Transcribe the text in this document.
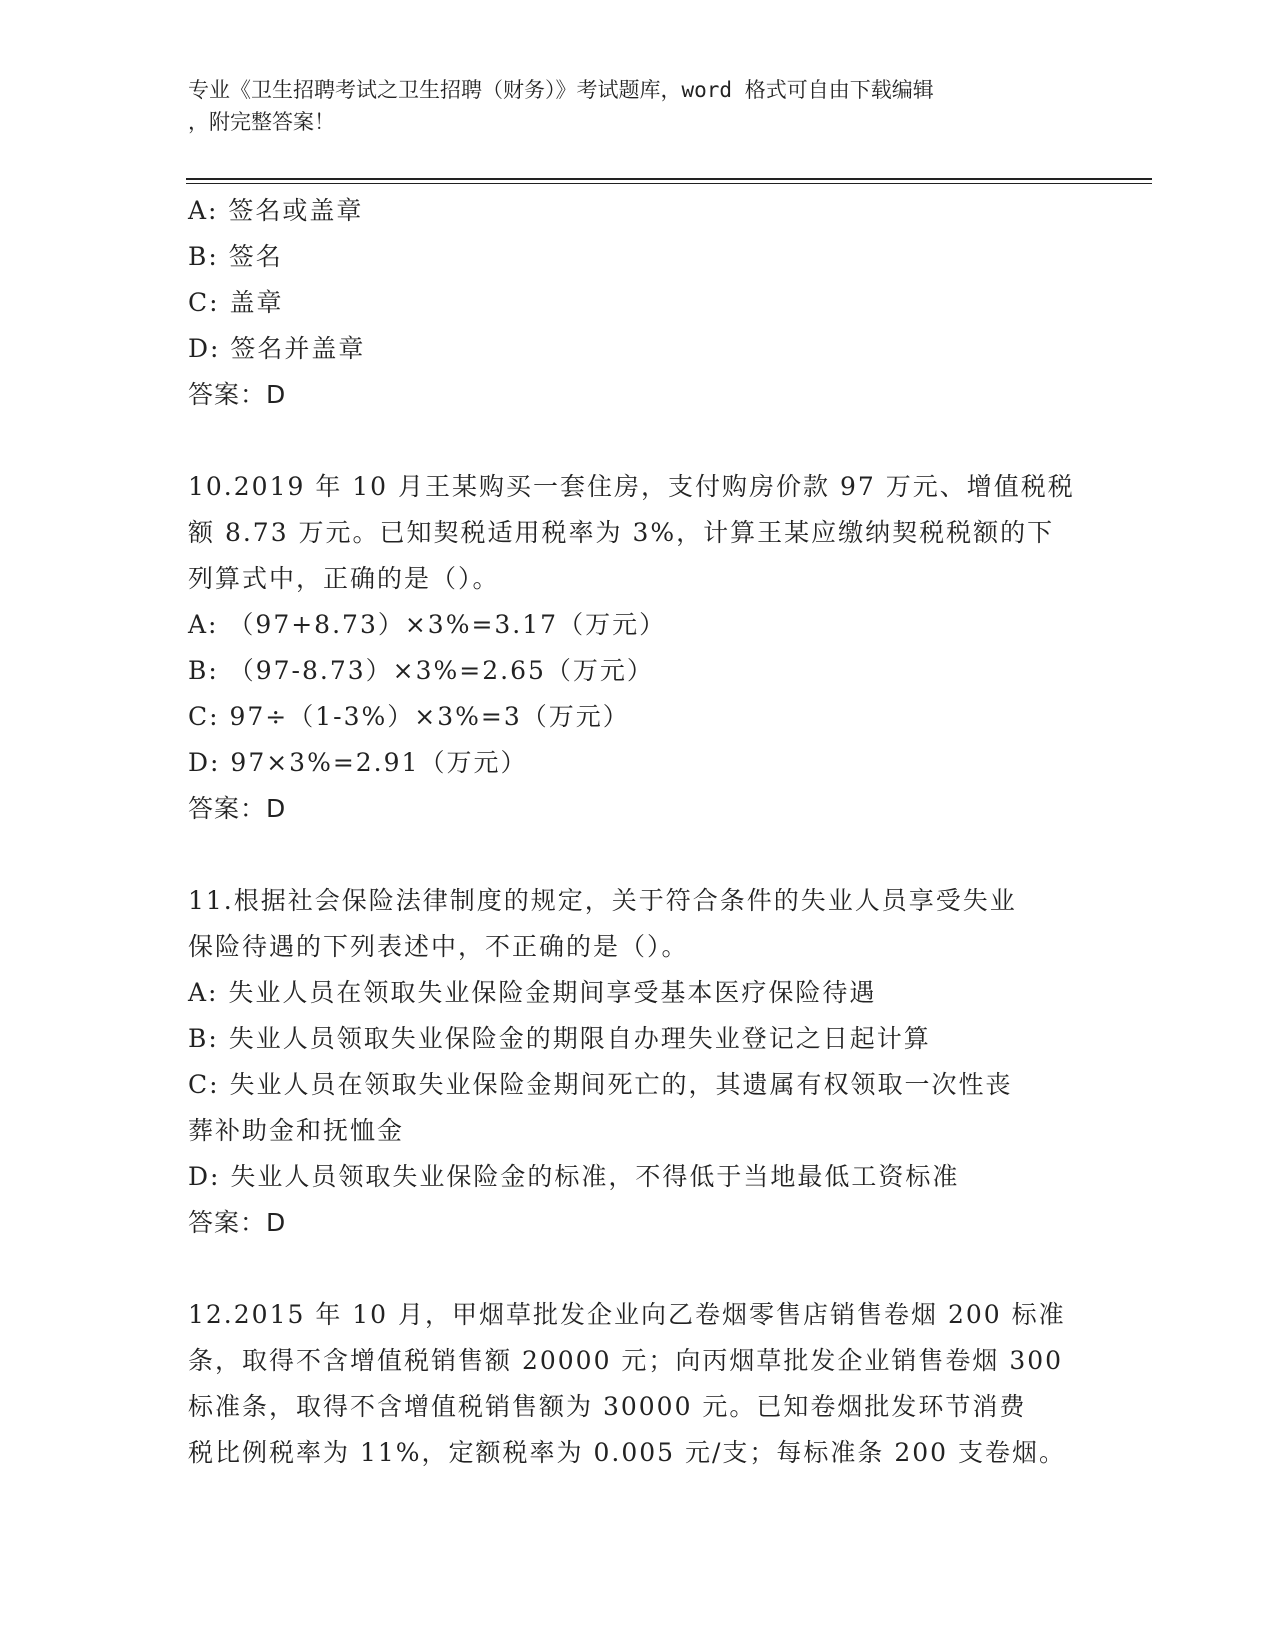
专业《卫生招聘考试之卫生招聘（财务）》考试题库，word 格式可自由下载编辑
，附完整答案！
A: 签名或盖章
B: 签名
C: 盖章
D: 签名并盖章
答案：D
10.2019 年 10 月王某购买一套住房，支付购房价款 97 万元、增值税税
额 8.73 万元。已知契税适用税率为 3%，计算王某应缴纳契税税额的下
列算式中，正确的是（）。
A: （97+8.73）×3%=3.17（万元）
B: （97-8.73）×3%=2.65（万元）
C: 97÷（1-3%）×3%=3（万元）
D: 97×3%=2.91（万元）
答案：D
11.根据社会保险法律制度的规定，关于符合条件的失业人员享受失业
保险待遇的下列表述中，不正确的是（）。
A: 失业人员在领取失业保险金期间享受基本医疗保险待遇
B: 失业人员领取失业保险金的期限自办理失业登记之日起计算
C: 失业人员在领取失业保险金期间死亡的，其遗属有权领取一次性丧
葬补助金和抚恤金
D: 失业人员领取失业保险金的标准，不得低于当地最低工资标准
答案：D
12.2015 年 10 月，甲烟草批发企业向乙卷烟零售店销售卷烟 200 标准
条，取得不含增值税销售额 20000 元；向丙烟草批发企业销售卷烟 300
标准条，取得不含增值税销售额为 30000 元。已知卷烟批发环节消费
税比例税率为 11%，定额税率为 0.005 元/支；每标准条 200 支卷烟。
